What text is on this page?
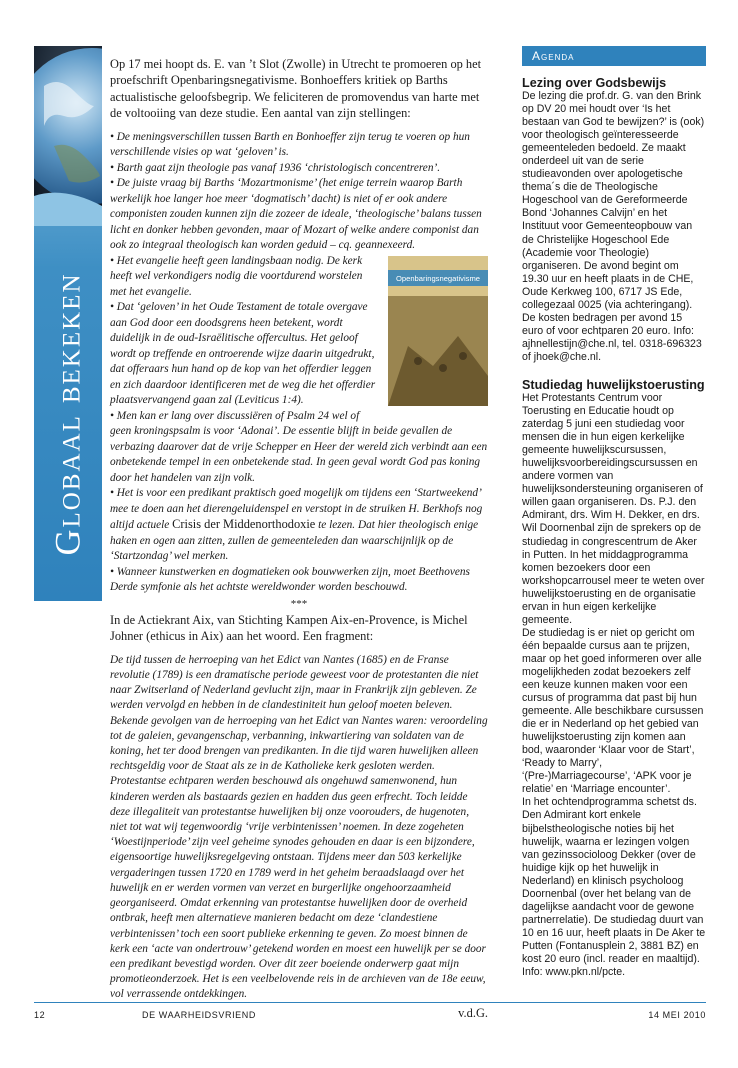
Globaal bekeken

Op 17 mei hoopt ds. E. van ’t Slot (Zwolle) in Utrecht te promoeren op het proefschrift Openbaringsnegativisme. Bonhoeffers kritiek op Barths actualistische geloofsbegrip. We feliciteren de promovendus van harte met de voltooiing van deze studie. Een aantal van zijn stellingen:

• De meningsverschillen tussen Barth en Bonhoeffer zijn terug te voeren op hun verschillende visies op wat ‘geloven’ is.
• Barth gaat zijn theologie pas vanaf 1936 ‘christologisch concentreren’.
• De juiste vraag bij Barths ‘Mozartmonisme’ (het enige terrein waarop Barth werkelijk hoe langer hoe meer ‘dogmatisch’ dacht) is niet of er ook andere componisten zouden kunnen zijn die zozeer de ideale, ‘theologische’ balans tussen licht en donker hebben gevonden, maar of Mozart of welke andere componist dan ook zo integraal theologisch kan worden geduid – cq. geannexeerd.
Openbaringsnegativisme
• Het evangelie heeft geen landingsbaan nodig. De kerk heeft wel verkondigers nodig die voortdurend worstelen met het evangelie.
• Dat ‘geloven’ in het Oude Testament de totale overgave aan God door een doodsgrens heen betekent, wordt duidelijk in de oud-Israëlitische offercultus. Het geloof wordt op treffende en ontroerende wijze daarin uitgedrukt, dat offeraars hun hand op de kop van het offerdier leggen en zich daardoor identificeren met de weg die het offerdier plaatsvervangend gaan zal (Leviticus 1:4).
• Men kan er lang over discussiëren of Psalm 24 wel of geen kroningspsalm is voor ‘Adonai’. De essentie blijft in beide gevallen de verbazing daarover dat de vrije Schepper en Heer der wereld zich verbindt aan een onbetekende tempel in een onbetekende stad. In geen geval wordt God pas koning door het handelen van zijn volk.
• Het is voor een predikant praktisch goed mogelijk om tijdens een ‘Startweekend’ mee te doen aan het dierengeluidenspel en verstopt in de struiken H. Berkhofs nog altijd actuele Crisis der Middenorthodoxie te lezen. Dat hier theologisch enige haken en ogen aan zitten, zullen de gemeenteleden dan waarschijnlijk op de ‘Startzondag’ wel merken.
• Wanneer kunstwerken en dogmatieken ook bouwwerken zijn, moet Beethovens Derde symfonie als het achtste wereldwonder worden beschouwd.

***

In de Actiekrant Aix, van Stichting Kampen Aix-en-Provence, is Michel Johner (ethicus in Aix) aan het woord. Een fragment:

De tijd tussen de herroeping van het Edict van Nantes (1685) en de Franse revolutie (1789) is een dramatische periode geweest voor de protestanten die niet naar Zwitserland of Nederland gevlucht zijn, maar in Frankrijk zijn gebleven. Ze werden vervolgd en hebben in de clandestiniteit hun geloof moeten beleven. Bekende gevolgen van de herroeping van het Edict van Nantes waren: veroordeling tot de galeien, gevangenschap, verbanning, inkwartiering van soldaten van de koning, het ter dood brengen van predikanten. In die tijd waren huwelijken alleen rechtsgeldig voor de Staat als ze in de Katholieke kerk gesloten werden. Protestantse echtparen werden beschouwd als ongehuwd samenwonend, hun kinderen werden als bastaards gezien en hadden dus geen erfrecht. Toch leidde deze illegaliteit van protestantse huwelijken bij onze voorouders, de hugenoten, niet tot wat wij tegenwoordig ‘vrije verbintenissen’ noemen. In deze zogeheten ‘Woestijnperiode’ zijn veel geheime synodes gehouden en daar is een bijzondere, eigensoortige huwelijksregelgeving ontstaan. Tijdens meer dan 503 kerkelijke vergaderingen tussen 1720 en 1789 werd in het geheim beraadslaagd over het huwelijk en er werden vormen van verzet en burgerlijke ongehoorzaamheid georganiseerd. Omdat erkenning van protestantse huwelijken door de overheid ontbrak, heeft men alternatieve manieren bedacht om deze ‘clandestiene verbintenissen’ toch een soort publieke erkenning te geven. Zo moest binnen de kerk een ‘acte van ondertrouw’ getekend worden en moest een huwelijk per se door een predikant bevestigd worden. Over dit zeer boeiende onderwerp gaat mijn promotieonderzoek. Het is een veelbelovende reis in de archieven van de 18e eeuw, vol verrassende ontdekkingen.

v.d.G.

Agenda
Lezing over Godsbewijs

De lezing die prof.dr. G. van den Brink op DV 20 mei houdt over ‘Is het bestaan van God te bewijzen?’ is (ook) voor theologisch geïnteresseerde gemeenteleden bedoeld. Ze maakt onderdeel uit van de serie studieavonden over apologetische thema´s die de Theologische Hogeschool van de Gereformeerde Bond ‘Johannes Calvijn’ en het Instituut voor Gemeenteopbouw van de Christelijke Hogeschool Ede (Academie voor Theologie) organiseren. De avond begint om 19.30 uur en heeft plaats in de CHE, Oude Kerkweg 100, 6717 JS Ede, collegezaal 0025 (via achteringang). De kosten bedragen per avond 15 euro of voor echtparen 20 euro. Info: ajhnellestijn@che.nl, tel. 0318-696323 of jhoek@che.nl.

Studiedag huwelijkstoerusting

Het Protestants Centrum voor Toerusting en Educatie houdt op zaterdag 5 juni een studiedag voor mensen die in hun eigen kerkelijke gemeente huwelijkscursussen, huwelijksvoorbereidingscursussen en andere vormen van huwelijksondersteuning organiseren of willen gaan organiseren. Ds. P.J. den Admirant, drs. Wim H. Dekker, en drs. Wil Doornenbal zijn de sprekers op de studiedag in congrescentrum de Aker in Putten. In het middagprogramma komen bezoekers door een workshopcarrousel meer te weten over huwelijkstoerusting en de organisatie ervan in hun eigen kerkelijke gemeente.

De studiedag is er niet op gericht om één bepaalde cursus aan te prijzen, maar op het goed informeren over alle mogelijkheden zodat bezoekers zelf een keuze kunnen maken voor een cursus of programma dat past bij hun gemeente. Alle beschikbare cursussen die er in Nederland op het gebied van huwelijkstoerusting zijn komen aan bod, waaronder ‘Klaar voor de Start’, ‘Ready to Marry’, ‘(Pre-)Marriagecourse’, ‘APK voor je relatie’ en ‘Marriage encounter’.

In het ochtendprogramma schetst ds. Den Admirant kort enkele bijbelstheologische noties bij het huwelijk, waarna er lezingen volgen van gezinssocioloog Dekker (over de huidige kijk op het huwelijk in Nederland) en klinisch psycholoog Doornenbal (over het belang van de dagelijkse aandacht voor de gewone partnerrelatie). De studiedag duurt van 10 en 16 uur, heeft plaats in De Aker te Putten (Fontanusplein 2, 3881 BZ) en kost 20 euro (incl. reader en maaltijd).

Info: www.pkn.nl/pcte.

12	DE WAARHEIDSVRIEND	14 MEI 2010
